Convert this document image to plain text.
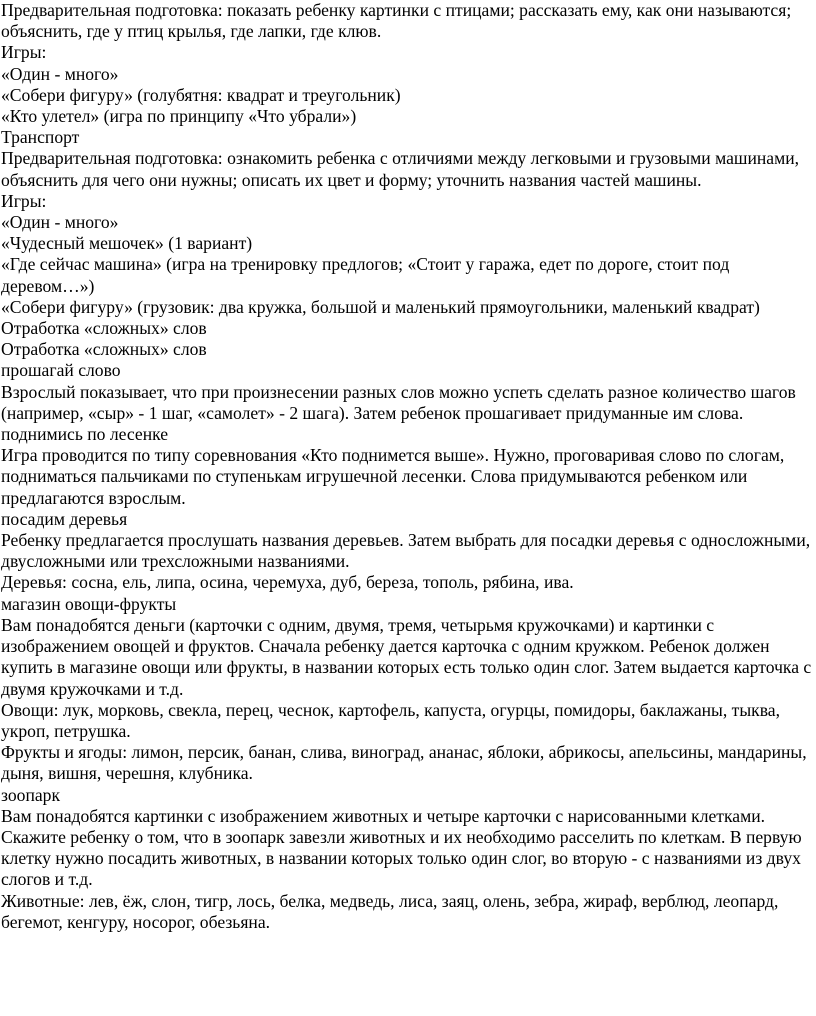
Предварительная подготовка: показать ребенку картинки с птицами; рассказать ему, как они называются; объяснить, где у птиц крылья, где лапки, где клюв.

Игры:

«Один - много»

«Собери фигуру» (голубятня: квадрат и треугольник)

«Кто улетел» (игра по принципу «Что убрали»)

Транспорт

Предварительная подготовка: ознакомить ребенка с отличиями между легковыми и грузовыми машинами, объяснить для чего они нужны; описать их цвет и форму; уточнить названия частей машины.

Игры:

«Один - много»

«Чудесный мешочек» (1 вариант)

«Где сейчас машина» (игра на тренировку предлогов; «Стоит у гаража, едет по дороге, стоит под деревом…»)

«Собери фигуру» (грузовик: два кружка, большой и маленький прямоугольники, маленький квадрат)

Отработка «сложных» слов

Отработка «сложных» слов

прошагай слово

Взрослый показывает, что при произнесении разных слов можно успеть сделать разное количество шагов (например, «сыр» - 1 шаг, «самолет» - 2 шага). Затем ребенок прошагивает придуманные им слова.

поднимись по лесенке

Игра проводится по типу соревнования «Кто поднимется выше». Нужно, проговаривая слово по слогам, подниматься пальчиками по ступенькам игрушечной лесенки. Слова придумываются ребенком или предлагаются взрослым.

посадим деревья

Ребенку предлагается прослушать названия деревьев. Затем выбрать для посадки деревья с односложными, двусложными или трехсложными названиями.

Деревья: сосна, ель, липа, осина, черемуха, дуб, береза, тополь, рябина, ива.

магазин овощи-фрукты

Вам понадобятся деньги (карточки с одним, двумя, тремя, четырьмя кружочками) и картинки с изображением овощей и фруктов. Сначала ребенку дается карточка с одним кружком. Ребенок должен купить в магазине овощи или фрукты, в названии которых есть только один слог. Затем выдается карточка с двумя кружочками и т.д.

Овощи: лук, морковь, свекла, перец, чеснок, картофель, капуста, огурцы, помидоры, баклажаны, тыква, укроп, петрушка.

Фрукты и ягоды: лимон, персик, банан, слива, виноград, ананас, яблоки, абрикосы, апельсины, мандарины, дыня, вишня, черешня, клубника.

зоопарк

Вам понадобятся картинки с изображением животных и четыре карточки с нарисованными клетками. Скажите ребенку о том, что в зоопарк завезли животных и их необходимо расселить по клеткам. В первую клетку нужно посадить животных, в названии которых только один слог, во вторую - с названиями из двух слогов и т.д.

Животные: лев, ёж, слон, тигр, лось, белка, медведь, лиса, заяц, олень, зебра, жираф, верблюд, леопард, бегемот, кенгуру, носорог, обезьяна.
